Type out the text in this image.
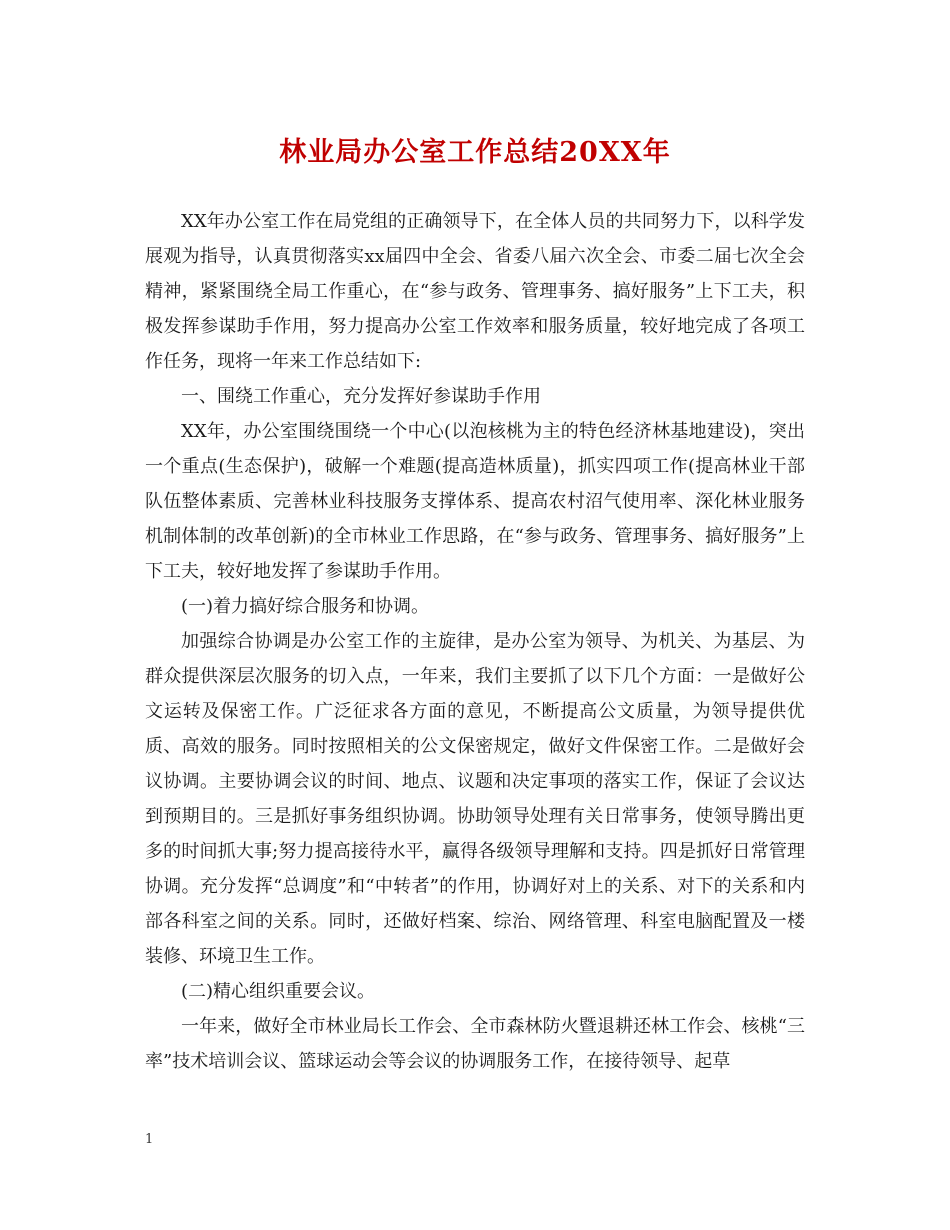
林业局办公室工作总结20XX年

XX年办公室工作在局党组的正确领导下，在全体人员的共同努力下，以科学发展观为指导，认真贯彻落实xx届四中全会、省委八届六次全会、市委二届七次全会精神，紧紧围绕全局工作重心，在“参与政务、管理事务、搞好服务”上下工夫，积极发挥参谋助手作用，努力提高办公室工作效率和服务质量，较好地完成了各项工作任务，现将一年来工作总结如下:

一、围绕工作重心，充分发挥好参谋助手作用

XX年，办公室围绕围绕一个中心(以泡核桃为主的特色经济林基地建设)，突出一个重点(生态保护)，破解一个难题(提高造林质量)，抓实四项工作(提高林业干部队伍整体素质、完善林业科技服务支撑体系、提高农村沼气使用率、深化林业服务机制体制的改革创新)的全市林业工作思路，在“参与政务、管理事务、搞好服务”上下工夫，较好地发挥了参谋助手作用。

(一)着力搞好综合服务和协调。

加强综合协调是办公室工作的主旋律，是办公室为领导、为机关、为基层、为群众提供深层次服务的切入点，一年来，我们主要抓了以下几个方面：一是做好公文运转及保密工作。广泛征求各方面的意见，不断提高公文质量，为领导提供优质、高效的服务。同时按照相关的公文保密规定，做好文件保密工作。二是做好会议协调。主要协调会议的时间、地点、议题和决定事项的落实工作，保证了会议达到预期目的。三是抓好事务组织协调。协助领导处理有关日常事务，使领导腾出更多的时间抓大事;努力提高接待水平，赢得各级领导理解和支持。四是抓好日常管理协调。充分发挥“总调度”和“中转者”的作用，协调好对上的关系、对下的关系和内部各科室之间的关系。同时，还做好档案、综治、网络管理、科室电脑配置及一楼装修、环境卫生工作。

(二)精心组织重要会议。

一年来，做好全市林业局长工作会、全市森林防火暨退耕还林工作会、核桃“三率”技术培训会议、篮球运动会等会议的协调服务工作，在接待领导、起草

1
